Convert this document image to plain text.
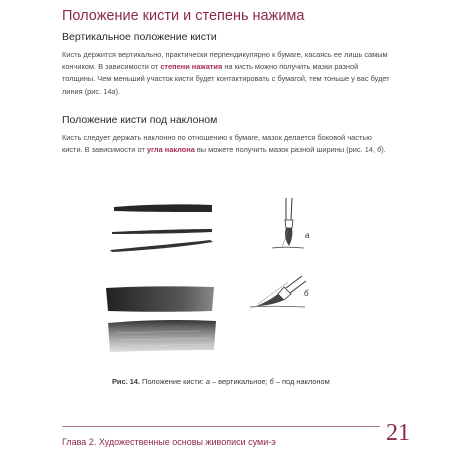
Положение кисти и степень нажима
Вертикальное положение кисти

Кисть держится вертикально, практически перпендикулярно к бумаге, касаясь ее лишь самым кончиком. В зависимости от степени нажатия на кисть можно получить мазки разной толщины. Чем меньший участок кисти будет контактировать с бумагой, тем тоньше у вас будет линия (рис. 14а).

Положение кисти под наклоном

Кисть следует держать наклонно по отношению к бумаге, мазок делается боковой частью кисти. В зависимости от угла наклона вы можете получить мазок разной ширины (рис. 14, б).

а
б
Рис. 14. Положение кисти: а – вертикальное; б – под наклоном
Глава 2. Художественные основы живописи суми-э	21
